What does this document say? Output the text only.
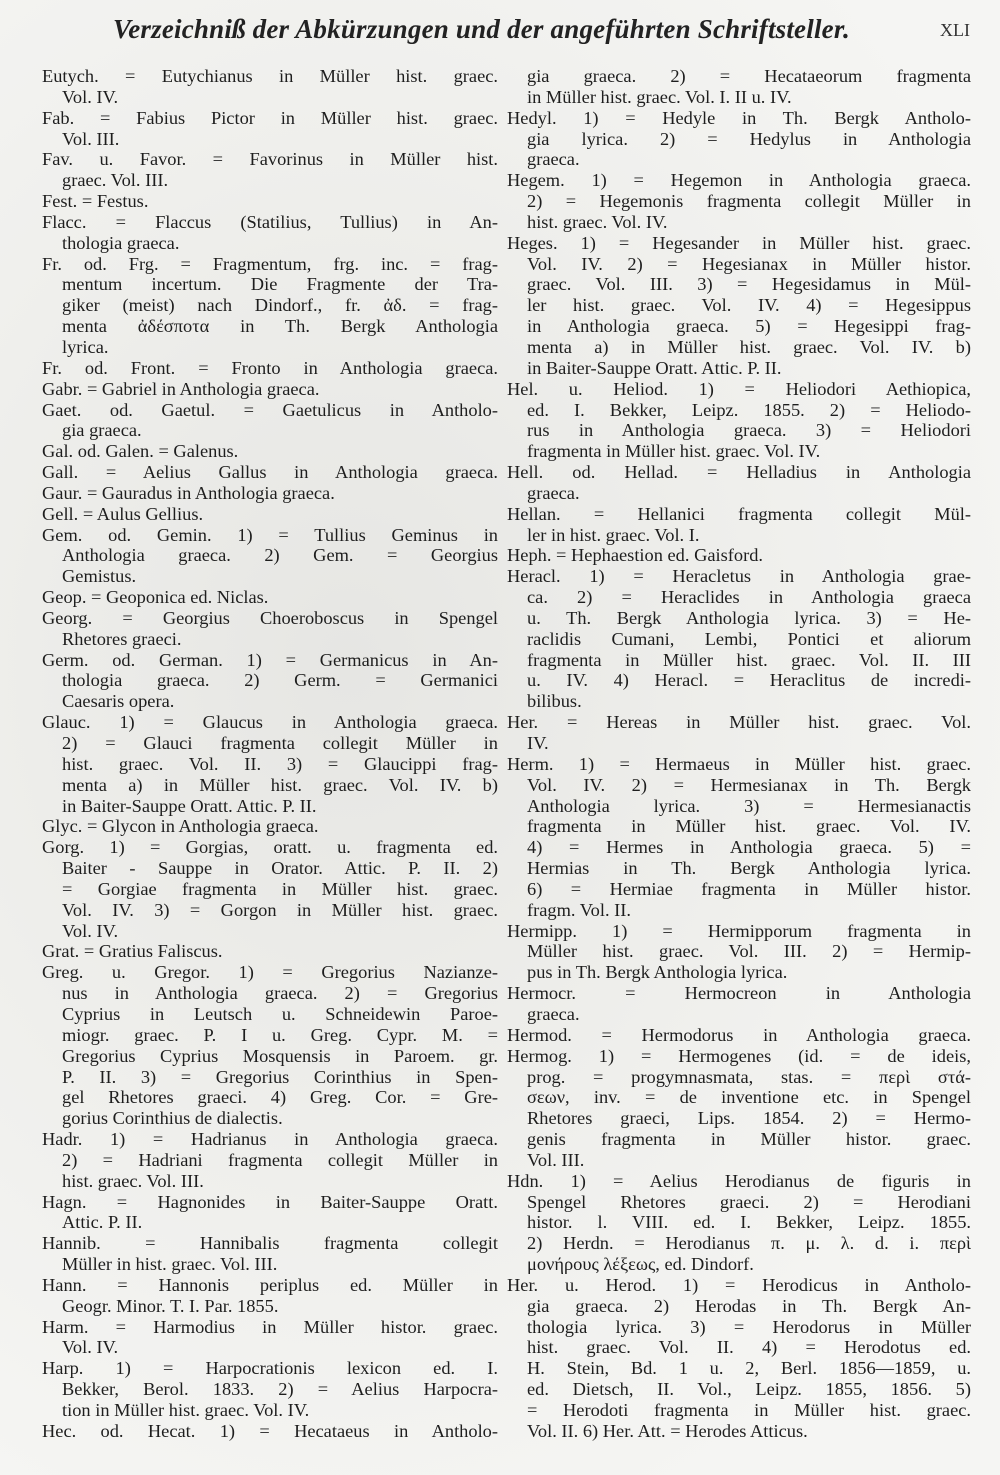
Verzeichniß der Abkürzungen und der angeführten Schriftsteller.	XLI
Eutych. = Eutychianus in Müller hist. graec.
Vol. IV.
Fab. = Fabius Pictor in Müller hist. graec.
Vol. III.
Fav. u. Favor. = Favorinus in Müller hist.
graec. Vol. III.
Fest. = Festus.
Flacc. = Flaccus (Statilius, Tullius) in An-
thologia graeca.
Fr. od. Frg. = Fragmentum, frg. inc. = frag-
mentum incertum. Die Fragmente der Tra-
giker (meist) nach Dindorf., fr. ἀδ. = frag-
menta ἀδέσποτα in Th. Bergk Anthologia
lyrica.
Fr. od. Front. = Fronto in Anthologia graeca.
Gabr. = Gabriel in Anthologia graeca.
Gaet. od. Gaetul. = Gaetulicus in Antholo-
gia graeca.
Gal. od. Galen. = Galenus.
Gall. = Aelius Gallus in Anthologia graeca.
Gaur. = Gauradus in Anthologia graeca.
Gell. = Aulus Gellius.
Gem. od. Gemin. 1) = Tullius Geminus in
Anthologia graeca. 2) Gem. = Georgius
Gemistus.
Geop. = Geoponica ed. Niclas.
Georg. = Georgius Choeroboscus in Spengel
Rhetores graeci.
Germ. od. German. 1) = Germanicus in An-
thologia graeca. 2) Germ. = Germanici
Caesaris opera.
Glauc. 1) = Glaucus in Anthologia graeca.
2) = Glauci fragmenta collegit Müller in
hist. graec. Vol. II. 3) = Glaucippi frag-
menta a) in Müller hist. graec. Vol. IV. b)
in Baiter-Sauppe Oratt. Attic. P. II.
Glyc. = Glycon in Anthologia graeca.
Gorg. 1) = Gorgias, oratt. u. fragmenta ed.
Baiter - Sauppe in Orator. Attic. P. II. 2)
= Gorgiae fragmenta in Müller hist. graec.
Vol. IV. 3) = Gorgon in Müller hist. graec.
Vol. IV.
Grat. = Gratius Faliscus.
Greg. u. Gregor. 1) = Gregorius Nazianze-
nus in Anthologia graeca. 2) = Gregorius
Cyprius in Leutsch u. Schneidewin Paroe-
miogr. graec. P. I u. Greg. Cypr. M. =
Gregorius Cyprius Mosquensis in Paroem. gr.
P. II. 3) = Gregorius Corinthius in Spen-
gel Rhetores graeci. 4) Greg. Cor. = Gre-
gorius Corinthius de dialectis.
Hadr. 1) = Hadrianus in Anthologia graeca.
2) = Hadriani fragmenta collegit Müller in
hist. graec. Vol. III.
Hagn. = Hagnonides in Baiter-Sauppe Oratt.
Attic. P. II.
Hannib. = Hannibalis fragmenta collegit
Müller in hist. graec. Vol. III.
Hann. = Hannonis periplus ed. Müller in
Geogr. Minor. T. I. Par. 1855.
Harm. = Harmodius in Müller histor. graec.
Vol. IV.
Harp. 1) = Harpocrationis lexicon ed. I.
Bekker, Berol. 1833. 2) = Aelius Harpocra-
tion in Müller hist. graec. Vol. IV.
Hec. od. Hecat. 1) = Hecataeus in Antholo-
gia graeca. 2) = Hecataeorum fragmenta
in Müller hist. graec. Vol. I. II u. IV.
Hedyl. 1) = Hedyle in Th. Bergk Antholo-
gia lyrica. 2) = Hedylus in Anthologia
graeca.
Hegem. 1) = Hegemon in Anthologia graeca.
2) = Hegemonis fragmenta collegit Müller in
hist. graec. Vol. IV.
Heges. 1) = Hegesander in Müller hist. graec.
Vol. IV. 2) = Hegesianax in Müller histor.
graec. Vol. III. 3) = Hegesidamus in Mül-
ler hist. graec. Vol. IV. 4) = Hegesippus
in Anthologia graeca. 5) = Hegesippi frag-
menta a) in Müller hist. graec. Vol. IV. b)
in Baiter-Sauppe Oratt. Attic. P. II.
Hel. u. Heliod. 1) = Heliodori Aethiopica,
ed. I. Bekker, Leipz. 1855. 2) = Heliodo-
rus in Anthologia graeca. 3) = Heliodori
fragmenta in Müller hist. graec. Vol. IV.
Hell. od. Hellad. = Helladius in Anthologia
graeca.
Hellan. = Hellanici fragmenta collegit Mül-
ler in hist. graec. Vol. I.
Heph. = Hephaestion ed. Gaisford.
Heracl. 1) = Heracletus in Anthologia grae-
ca. 2) = Heraclides in Anthologia graeca
u. Th. Bergk Anthologia lyrica. 3) = He-
raclidis Cumani, Lembi, Pontici et aliorum
fragmenta in Müller hist. graec. Vol. II. III
u. IV. 4) Heracl. = Heraclitus de incredi-
bilibus.
Her. = Hereas in Müller hist. graec. Vol.
IV.
Herm. 1) = Hermaeus in Müller hist. graec.
Vol. IV. 2) = Hermesianax in Th. Bergk
Anthologia lyrica. 3) = Hermesianactis
fragmenta in Müller hist. graec. Vol. IV.
4) = Hermes in Anthologia graeca. 5) =
Hermias in Th. Bergk Anthologia lyrica.
6) = Hermiae fragmenta in Müller histor.
fragm. Vol. II.
Hermipp. 1) = Hermipporum fragmenta in
Müller hist. graec. Vol. III. 2) = Hermip-
pus in Th. Bergk Anthologia lyrica.
Hermocr. = Hermocreon in Anthologia
graeca.
Hermod. = Hermodorus in Anthologia graeca.
Hermog. 1) = Hermogenes (id. = de ideis,
prog. = progymnasmata, stas. = περὶ στά-
σεων, inv. = de inventione etc. in Spengel
Rhetores graeci, Lips. 1854. 2) = Hermo-
genis fragmenta in Müller histor. graec.
Vol. III.
Hdn. 1) = Aelius Herodianus de figuris in
Spengel Rhetores graeci. 2) = Herodiani
histor. l. VIII. ed. I. Bekker, Leipz. 1855.
2) Herdn. = Herodianus π. μ. λ. d. i. περὶ
μονήρους λέξεως, ed. Dindorf.
Her. u. Herod. 1) = Herodicus in Antholo-
gia graeca. 2) Herodas in Th. Bergk An-
thologia lyrica. 3) = Herodorus in Müller
hist. graec. Vol. II. 4) = Herodotus ed.
H. Stein, Bd. 1 u. 2, Berl. 1856—1859, u.
ed. Dietsch, II. Vol., Leipz. 1855, 1856. 5)
= Herodoti fragmenta in Müller hist. graec.
Vol. II. 6) Her. Att. = Herodes Atticus.
